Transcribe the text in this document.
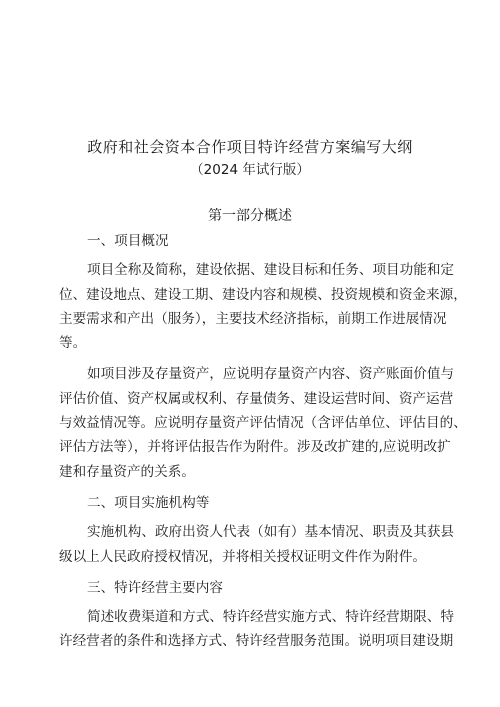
政府和社会资本合作项目特许经营方案编写大纲
（2024 年试行版）
第一部分概述

一、项目概况

项目全称及简称，建设依据、建设目标和任务、项目功能和定
位、建设地点、建设工期、建设内容和规模、投资规模和资金来源，
主要需求和产出（服务），主要技术经济指标，前期工作进展情况
等。

如项目涉及存量资产，应说明存量资产内容、资产账面价值与
评估价值、资产权属或权利、存量债务、建设运营时间、资产运营
与效益情况等。应说明存量资产评估情况（含评估单位、评估目的、
评估方法等），并将评估报告作为附件。涉及改扩建的,应说明改扩
建和存量资产的关系。

二、项目实施机构等

实施机构、政府出资人代表（如有）基本情况、职责及其获县
级以上人民政府授权情况，并将相关授权证明文件作为附件。

三、特许经营主要内容

简述收费渠道和方式、特许经营实施方式、特许经营期限、特
许经营者的条件和选择方式、特许经营服务范围。说明项目建设期
